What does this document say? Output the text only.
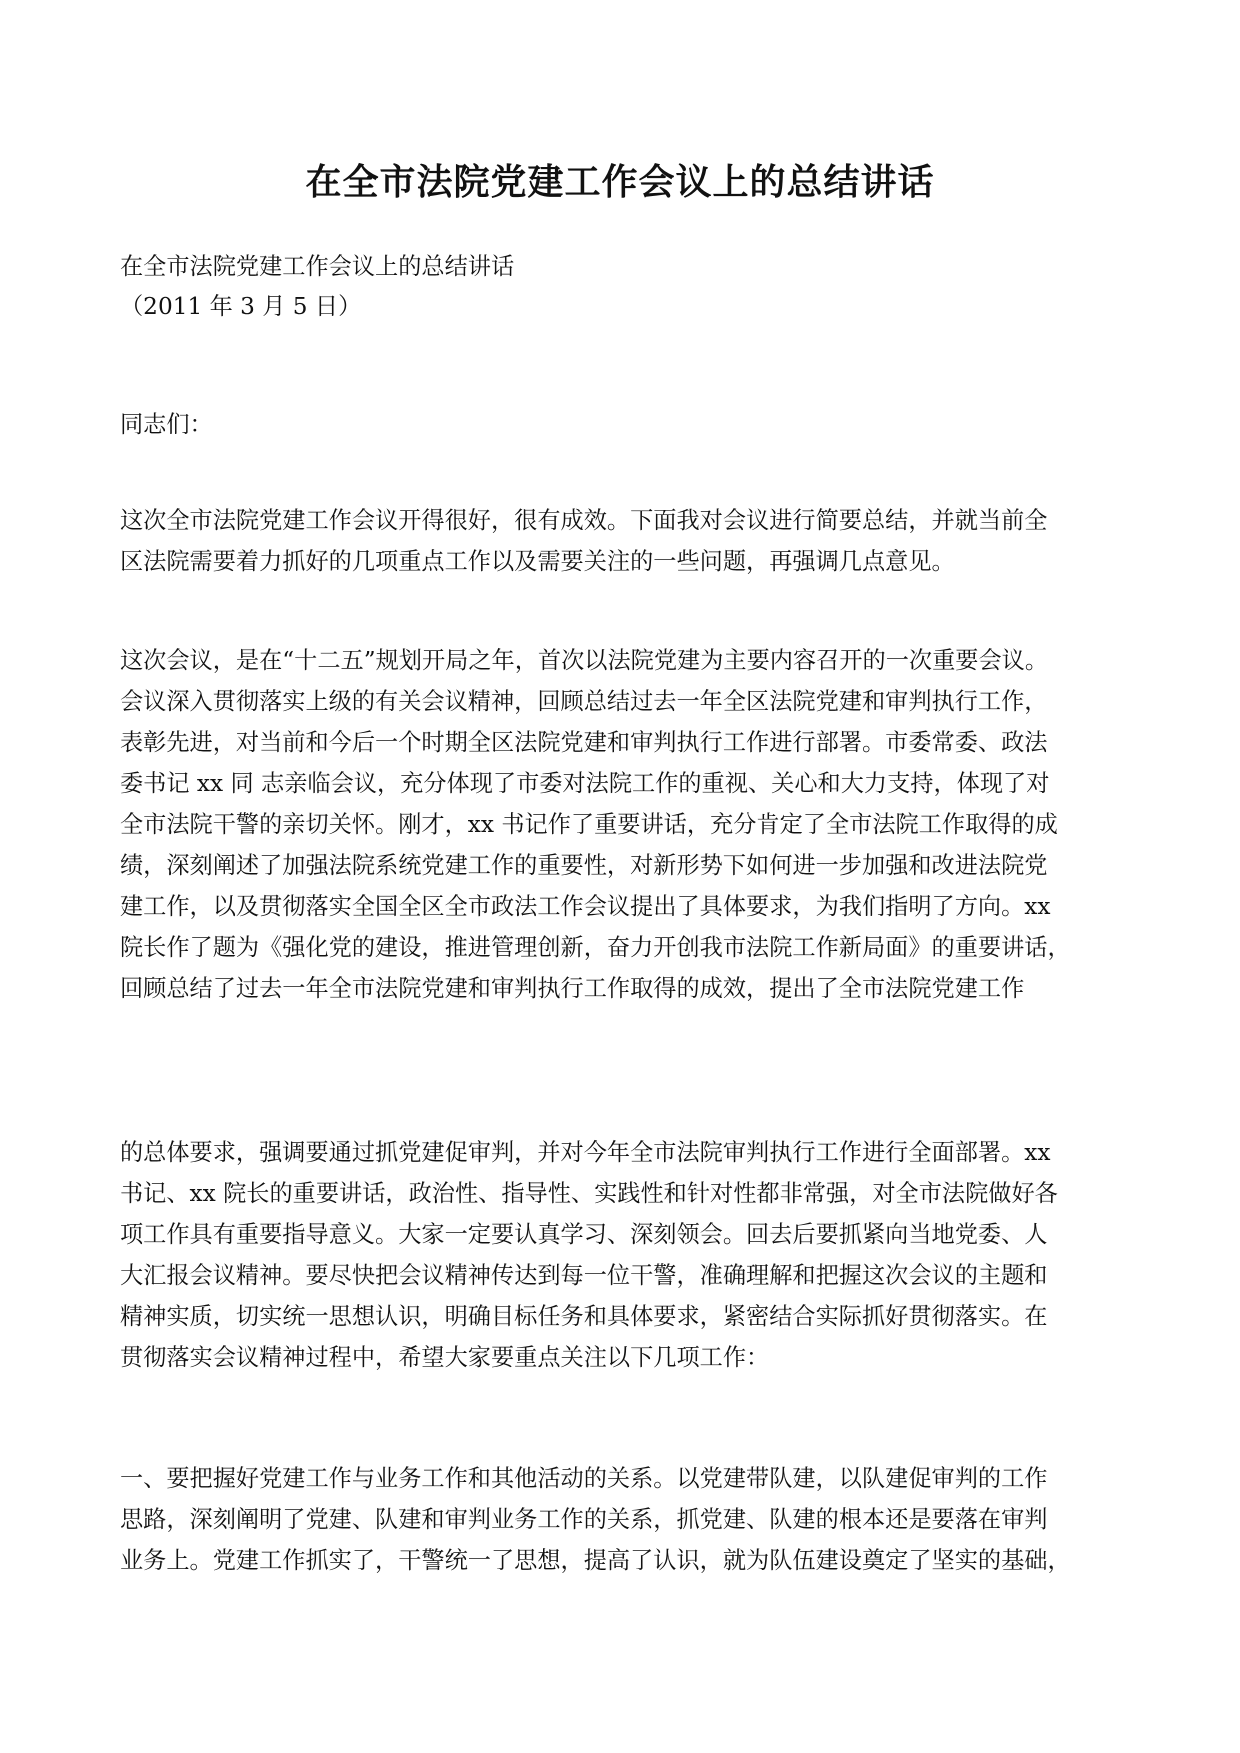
在全市法院党建工作会议上的总结讲话

在全市法院党建工作会议上的总结讲话

（2011 年 3 月 5 日）

同志们：

这次全市法院党建工作会议开得很好，很有成效。下面我对会议进行简要总结，并就当前全
区法院需要着力抓好的几项重点工作以及需要关注的一些问题，再强调几点意见。
这次会议，是在“十二五”规划开局之年，首次以法院党建为主要内容召开的一次重要会议。
会议深入贯彻落实上级的有关会议精神，回顾总结过去一年全区法院党建和审判执行工作，
表彰先进，对当前和今后一个时期全区法院党建和审判执行工作进行部署。市委常委、政法
委书记 xx 同 志亲临会议，充分体现了市委对法院工作的重视、关心和大力支持，体现了对
全市法院干警的亲切关怀。刚才，xx 书记作了重要讲话，充分肯定了全市法院工作取得的成
绩，深刻阐述了加强法院系统党建工作的重要性，对新形势下如何进一步加强和改进法院党
建工作，以及贯彻落实全国全区全市政法工作会议提出了具体要求，为我们指明了方向。xx
院长作了题为《强化党的建设，推进管理创新，奋力开创我市法院工作新局面》的重要讲话，
回顾总结了过去一年全市法院党建和审判执行工作取得的成效，提出了全市法院党建工作
的总体要求，强调要通过抓党建促审判，并对今年全市法院审判执行工作进行全面部署。xx
书记、xx 院长的重要讲话，政治性、指导性、实践性和针对性都非常强，对全市法院做好各
项工作具有重要指导意义。大家一定要认真学习、深刻领会。回去后要抓紧向当地党委、人
大汇报会议精神。要尽快把会议精神传达到每一位干警，准确理解和把握这次会议的主题和
精神实质，切实统一思想认识，明确目标任务和具体要求，紧密结合实际抓好贯彻落实。在
贯彻落实会议精神过程中，希望大家要重点关注以下几项工作：
一、要把握好党建工作与业务工作和其他活动的关系。以党建带队建，以队建促审判的工作
思路，深刻阐明了党建、队建和审判业务工作的关系，抓党建、队建的根本还是要落在审判
业务上。党建工作抓实了，干警统一了思想，提高了认识，就为队伍建设奠定了坚实的基础，
